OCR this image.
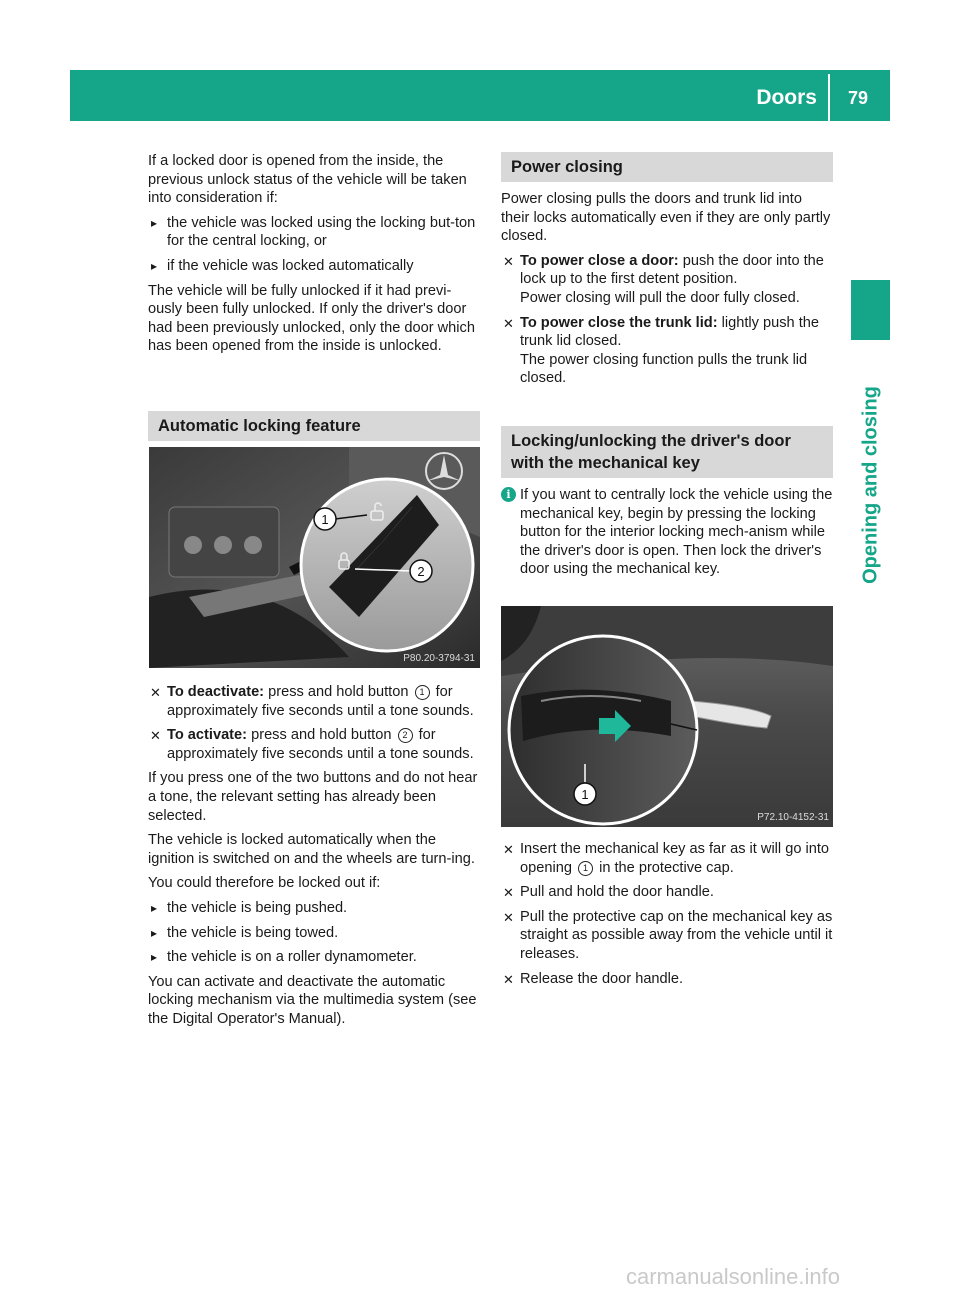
Doors 79
Opening and closing

If a locked door is opened from the inside, the previous unlock status of the vehicle will be taken into consideration if:

▸ the vehicle was locked using the locking but-ton for the central locking, or
▸ if the vehicle was locked automatically

The vehicle will be fully unlocked if it had previ-ously been fully unlocked. If only the driver's door had been previously unlocked, only the door which has been opened from the inside is unlocked.

Automatic locking feature
1
2
P80.20-3794-31
✕ To deactivate: press and hold button 1 for approximately five seconds until a tone sounds.
✕ To activate: press and hold button 2 for approximately five seconds until a tone sounds.

If you press one of the two buttons and do not hear a tone, the relevant setting has already been selected.

The vehicle is locked automatically when the ignition is switched on and the wheels are turn-ing.

You could therefore be locked out if:

▸ the vehicle is being pushed.
▸ the vehicle is being towed.
▸ the vehicle is on a roller dynamometer.

You can activate and deactivate the automatic locking mechanism via the multimedia system (see the Digital Operator's Manual).

Power closing

Power closing pulls the doors and trunk lid into their locks automatically even if they are only partly closed.

✕ To power close a door: push the door into the lock up to the first detent position.
Power closing will pull the door fully closed.
✕ To power close the trunk lid: lightly push the trunk lid closed.
The power closing function pulls the trunk lid closed.
Locking/unlocking the driver's door with the mechanical key
i If you want to centrally lock the vehicle using the mechanical key, begin by pressing the locking button for the interior locking mech-anism while the driver's door is open. Then lock the driver's door using the mechanical key.
1
P72.10-4152-31
✕ Insert the mechanical key as far as it will go into opening 1 in the protective cap.
✕ Pull and hold the door handle.
✕ Pull the protective cap on the mechanical key as straight as possible away from the vehicle until it releases.
✕ Release the door handle.
carmanualsonline.info
